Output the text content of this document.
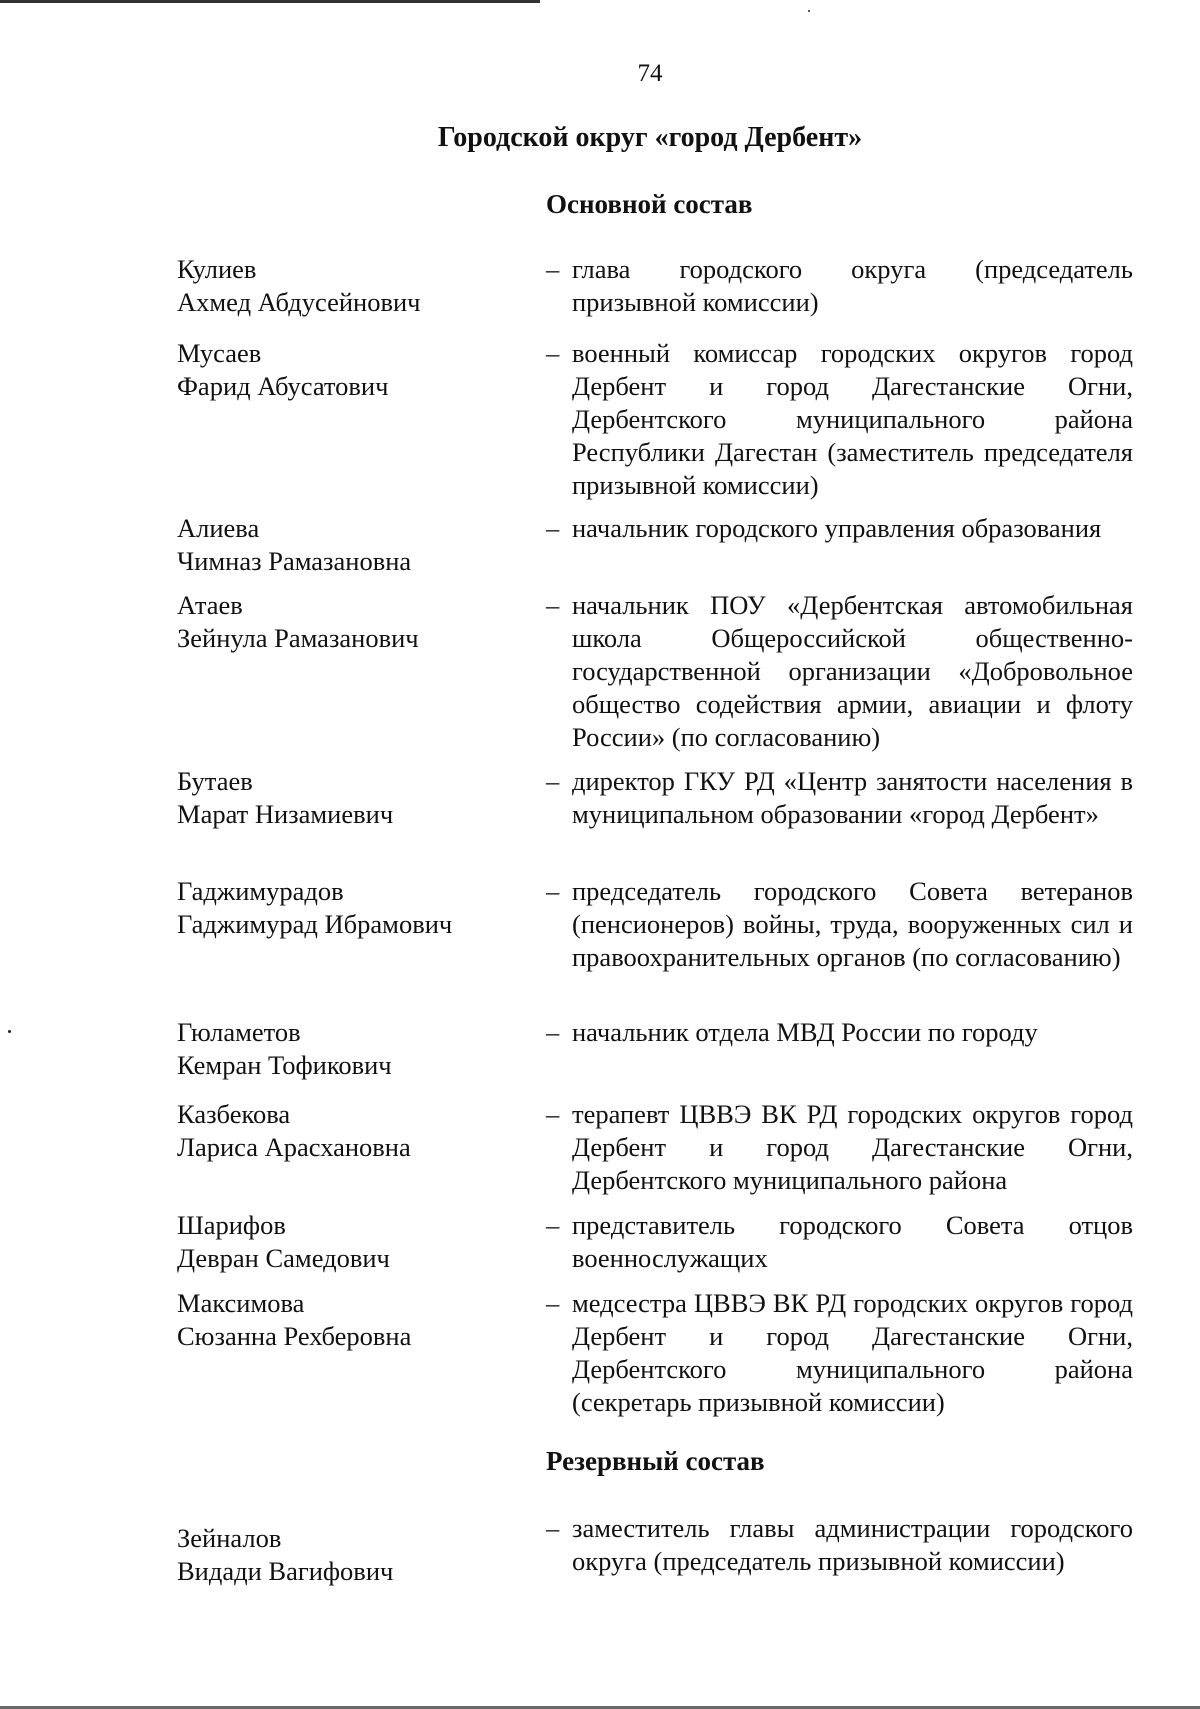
74
Городской округ «город Дербент»
Основной состав
Кулиев
Ахмед Абдусейнович
– глава городского округа (председатель призывной комиссии)
Мусаев
Фарид Абусатович
– военный комиссар городских округов город Дербент и город Дагестанские Огни, Дербентского муниципального района Республики Дагестан (заместитель председателя призывной комиссии)
Алиева
Чимназ Рамазановна
– начальник городского управления образования
Атаев
Зейнула Рамазанович
– начальник ПОУ «Дербентская автомобильная школа Общероссийской общественно-государственной организации «Добровольное общество содействия армии, авиации и флоту России» (по согласованию)
Бутаев
Марат Низамиевич
– директор ГКУ РД «Центр занятости населения в муниципальном образовании «город Дербент»
Гаджимурадов
Гаджимурад Ибрамович
– председатель городского Совета ветеранов (пенсионеров) войны, труда, вооруженных сил и правоохранительных органов (по согласованию)
Гюламетов
Кемран Тофикович
– начальник отдела МВД России по городу
Казбекова
Лариса Арасхановна
– терапевт ЦВВЭ ВК РД городских округов город Дербент и город Дагестанские Огни, Дербентского муниципального района
Шарифов
Девран Самедович
– представитель городского Совета отцов военнослужащих
Максимова
Сюзанна Рехберовна
– медсестра ЦВВЭ ВК РД городских округов город Дербент и город Дагестанские Огни, Дербентского муниципального района (секретарь призывной комиссии)
Резервный состав
Зейналов
Видади Вагифович
– заместитель главы администрации городского округа (председатель призывной комиссии)
